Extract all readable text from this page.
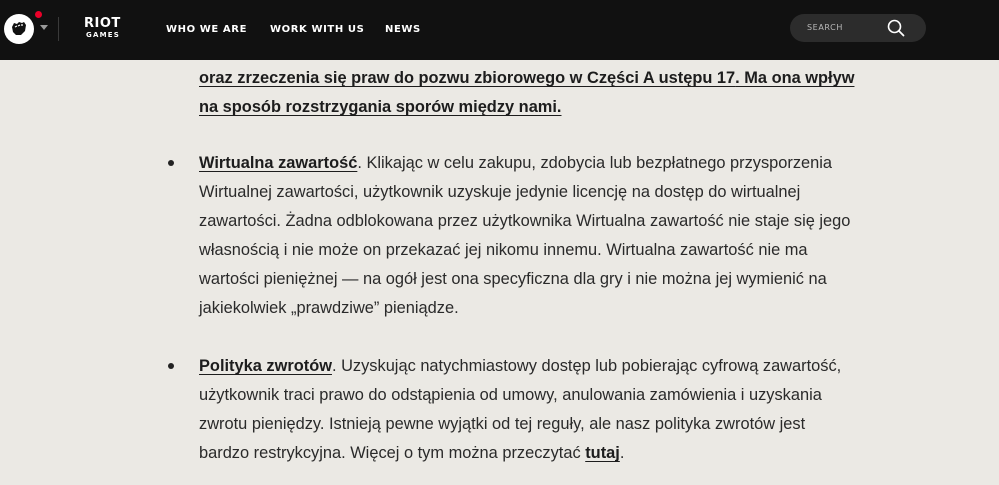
RIOT
GAMES	WHO WE ARE WORK WITH US NEWS	SEARCH
oraz zrzeczenia się praw do pozwu zbiorowego w Części A ustępu 17. Ma ona wpływ na sposób rozstrzygania sporów między nami.
Wirtualna zawartość. Klikając w celu zakupu, zdobycia lub bezpłatnego przysporzenia Wirtualnej zawartości, użytkownik uzyskuje jedynie licencję na dostęp do wirtualnej zawartości. Żadna odblokowana przez użytkownika Wirtualna zawartość nie staje się jego własnością i nie może on przekazać jej nikomu innemu. Wirtualna zawartość nie ma wartości pieniężnej — na ogół jest ona specyficzna dla gry i nie można jej wymienić na jakiekolwiek „prawdziwe” pieniądze.
Polityka zwrotów. Uzyskując natychmiastowy dostęp lub pobierając cyfrową zawartość, użytkownik traci prawo do odstąpienia od umowy, anulowania zamówienia i uzyskania zwrotu pieniędzy. Istnieją pewne wyjątki od tej reguły, ale nasz polityka zwrotów jest bardzo restrykcyjna. Więcej o tym można przeczytać tutaj.
